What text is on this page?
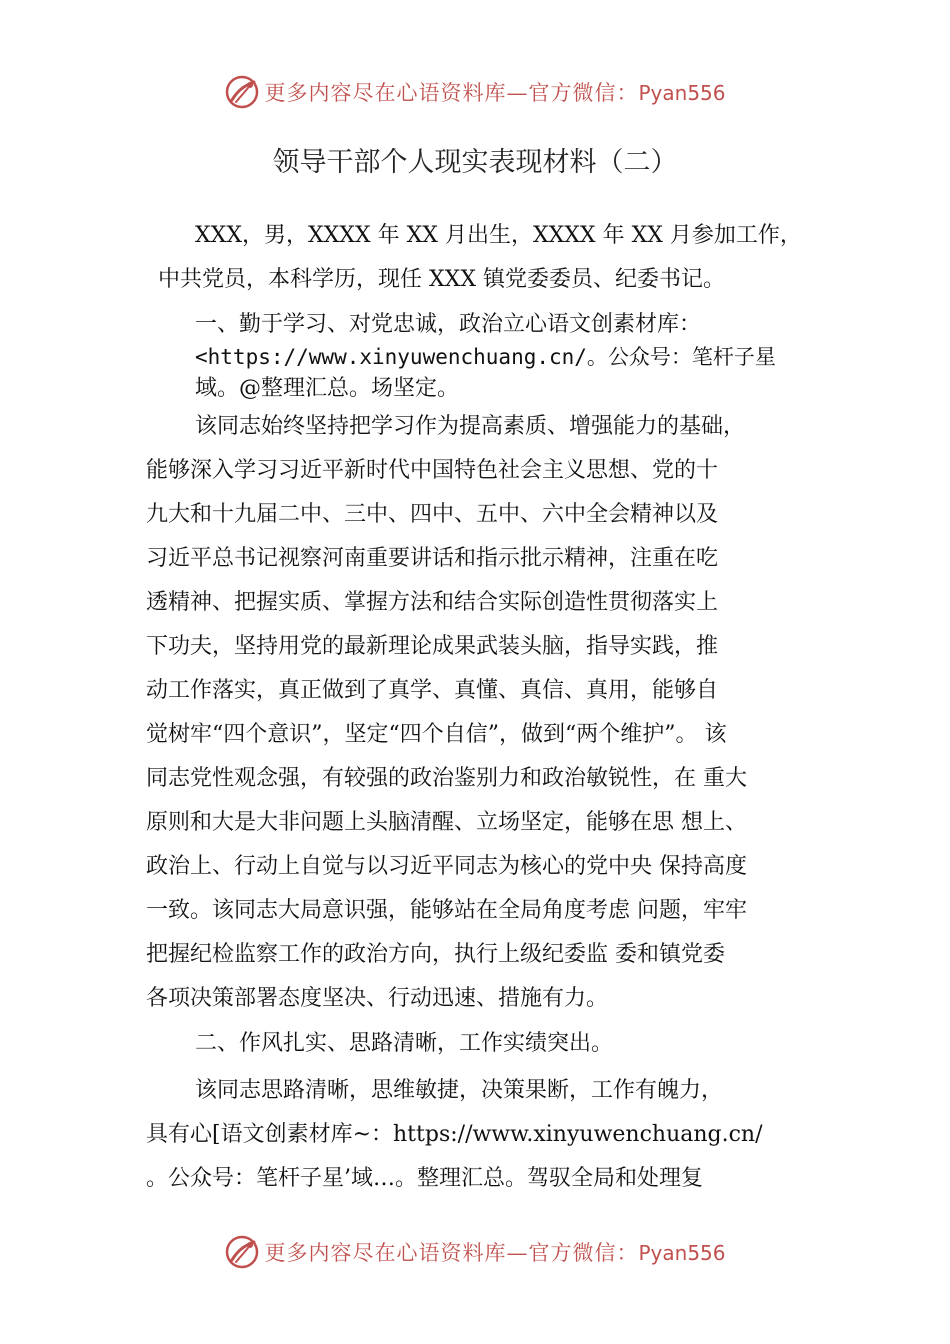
更多内容尽在心语资料库—官方微信：Pyan556
领导干部个人现实表现材料（二）
XXX，男，XXXX 年 XX 月出生，XXXX 年 XX 月参加工作，
中共党员，本科学历，现任 XXX 镇党委委员、纪委书记。
一、勤于学习、对党忠诚，政治立心语文创素材库：
<https://www.xinyuwenchuang.cn/。公众号：笔杆子星
域。@整理汇总。场坚定。
该同志始终坚持把学习作为提高素质、增强能力的基础，
能够深入学习习近平新时代中国特色社会主义思想、党的十
九大和十九届二中、三中、四中、五中、六中全会精神以及
习近平总书记视察河南重要讲话和指示批示精神，注重在吃
透精神、把握实质、掌握方法和结合实际创造性贯彻落实上
下功夫，坚持用党的最新理论成果武装头脑，指导实践，推
动工作落实，真正做到了真学、真懂、真信、真用，能够自
觉树牢“四个意识”，坚定“四个自信”，做到“两个维护”。 该
同志党性观念强，有较强的政治鉴别力和政治敏锐性，在 重大
原则和大是大非问题上头脑清醒、立场坚定，能够在思 想上、
政治上、行动上自觉与以习近平同志为核心的党中央 保持高度
一致。该同志大局意识强，能够站在全局角度考虑 问题，牢牢
把握纪检监察工作的政治方向，执行上级纪委监 委和镇党委
各项决策部署态度坚决、行动迅速、措施有力。
二、作风扎实、思路清晰，工作实绩突出。
该同志思路清晰，思维敏捷，决策果断，工作有魄力，
具有心[语文创素材库~：https://www.xinyuwenchuang.cn/
。公众号：笔杆子星’域…。整理汇总。驾驭全局和处理复
更多内容尽在心语资料库—官方微信：Pyan556
